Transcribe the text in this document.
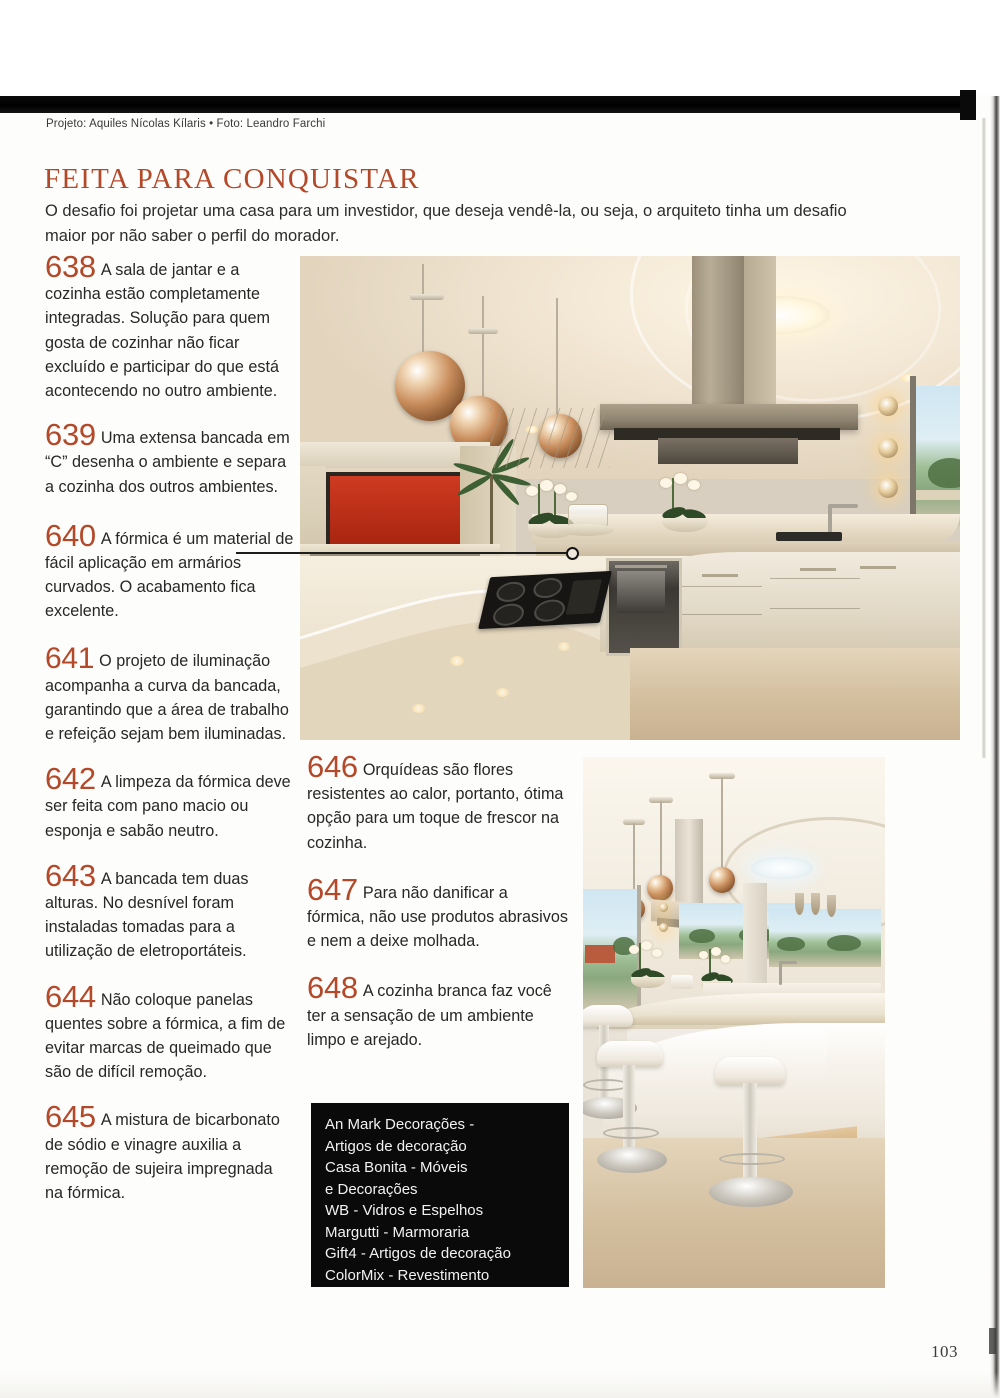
Projeto: Aquiles Nícolas Kílaris • Foto: Leandro Farchi
FEITA PARA CONQUISTAR
O desafio foi projetar uma casa para um investidor, que deseja vendê-la, ou seja, o arquiteto tinha um desafio maior por não saber o perfil do morador.
638 A sala de jantar e a cozinha estão completamente integradas. Solução para quem gosta de cozinhar não ficar excluído e participar do que está acontecendo no outro ambiente.
639 Uma extensa bancada em “C” desenha o ambiente e separa a cozinha dos outros ambientes.
640 A fórmica é um material de fácil aplicação em armários curvados. O acabamento fica excelente.
641 O projeto de iluminação acompanha a curva da bancada, garantindo que a área de trabalho e refeição sejam bem iluminadas.
642 A limpeza da fórmica deve ser feita com pano macio ou esponja e sabão neutro.
643 A bancada tem duas alturas. No desnível foram instaladas tomadas para a utilização de eletroportáteis.
644 Não coloque panelas quentes sobre a fórmica, a fim de evitar marcas de queimado que são de difícil remoção.
645 A mistura de bicarbonato de sódio e vinagre auxilia a remoção de sujeira impregnada na fórmica.
646 Orquídeas são flores resistentes ao calor, portanto, ótima opção para um toque de frescor na cozinha.
647 Para não danificar a fórmica, não use produtos abrasivos e nem a deixe molhada.
648 A cozinha branca faz você ter a sensação de um ambiente limpo e arejado.
An Mark Decorações -
Artigos de decoração
Casa Bonita - Móveis
e Decorações
WB - Vidros e Espelhos
Margutti - Marmoraria
Gift4 - Artigos de decoração
ColorMix - Revestimento
103
